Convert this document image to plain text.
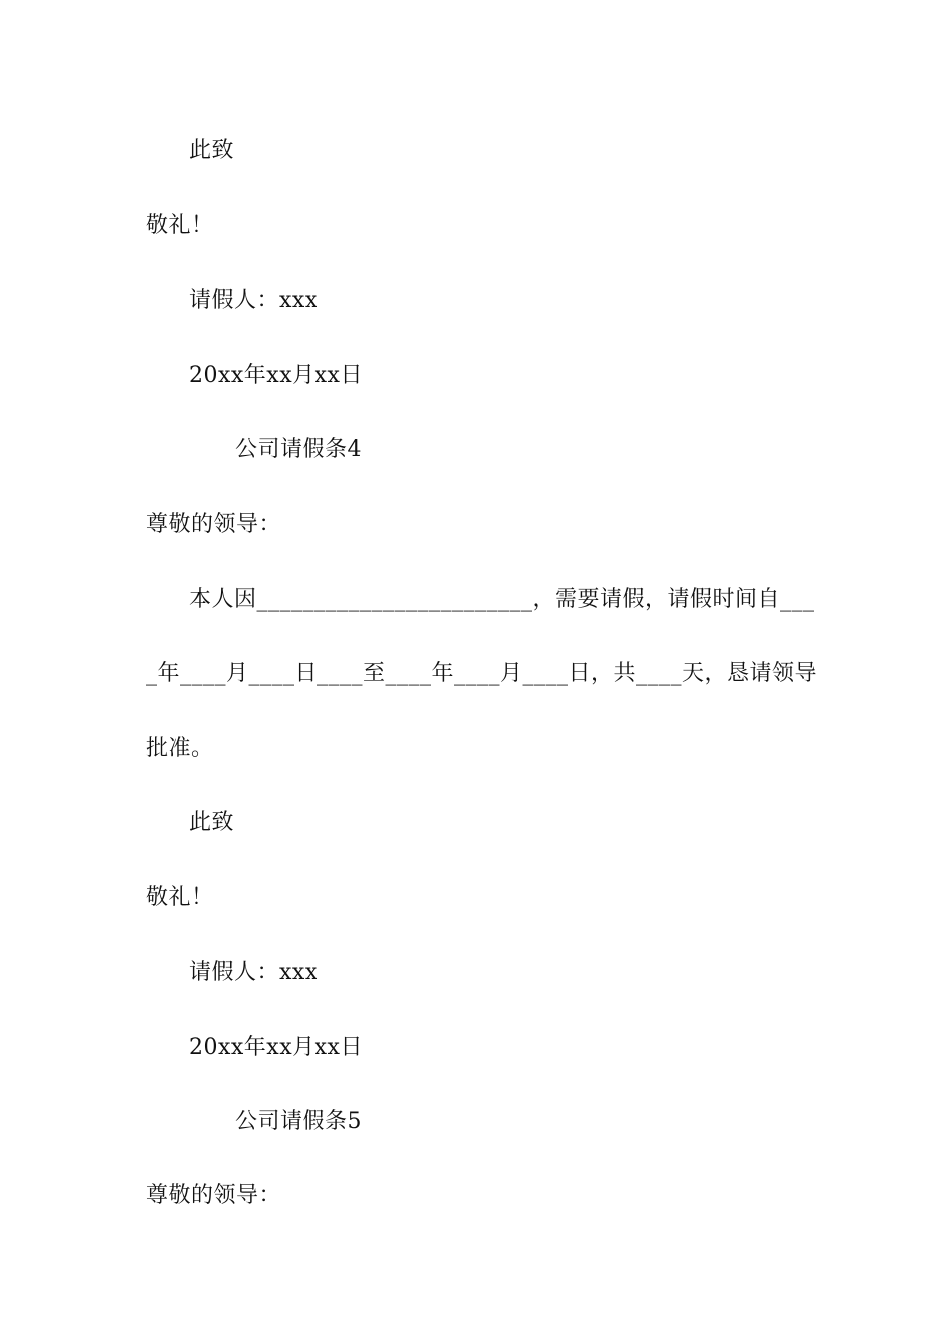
此致
敬礼！
请假人：xxx
20xx年xx月xx日
公司请假条4
尊敬的领导：
本人因________________________，需要请假，请假时间自___
_年____月____日____至____年____月____日，共____天，恳请领导
批准。
此致
敬礼！
请假人：xxx
20xx年xx月xx日
公司请假条5
尊敬的领导：
